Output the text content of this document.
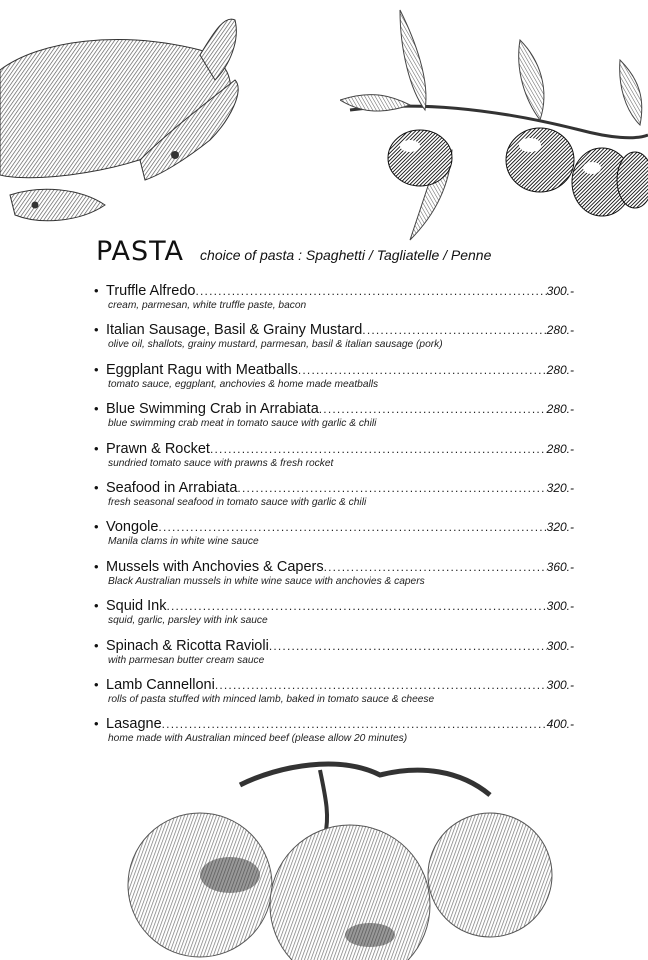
PASTA choice of pasta : Spaghetti / Tagliatelle / Penne
• Truffle Alfredo .....	300.-
cream, parmesan, white truffle paste, bacon
• Italian Sausage, Basil & Grainy Mustard .....	280.-
olive oil, shallots, grainy mustard, parmesan, basil & italian sausage (pork)
• Eggplant Ragu with Meatballs .....	280.-
tomato sauce, eggplant, anchovies & home made meatballs
• Blue Swimming Crab in Arrabiata .....	280.-
blue swimming crab meat in tomato sauce with garlic & chili
• Prawn & Rocket .....	280.-
sundried tomato sauce with prawns & fresh rocket
• Seafood in Arrabiata .....	320.-
fresh seasonal seafood in tomato sauce with garlic & chili
• Vongole .....	320.-
Manila clams in white wine sauce
• Mussels with Anchovies & Capers .....	360.-
Black Australian mussels in white wine sauce with anchovies & capers
• Squid Ink .....	300.-
squid, garlic, parsley with ink sauce
• Spinach & Ricotta Ravioli .....	300.-
with parmesan butter cream sauce
• Lamb Cannelloni .....	300.-
rolls of pasta stuffed with minced lamb, baked in tomato sauce & cheese
• Lasagne .....	400.-
home made with Australian minced beef (please allow 20 minutes)
